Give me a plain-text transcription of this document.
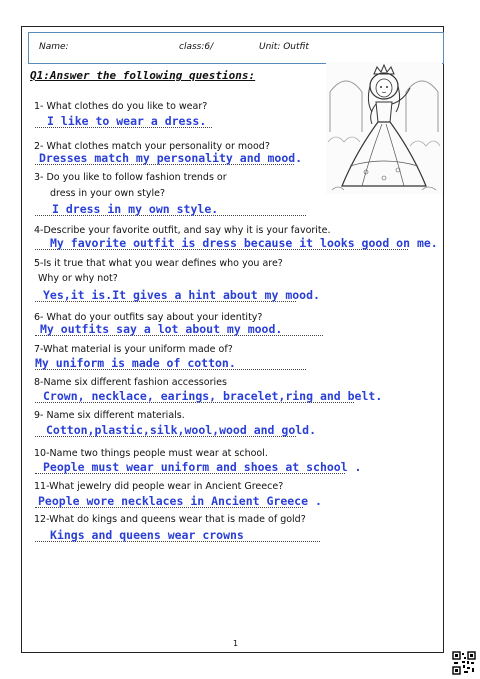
Name:	class:6/	Unit: Outfit
Q1:Answer the following questions:
1- What clothes do you like to wear?
I like to wear a dress.
2- What clothes match your personality or mood?
Dresses match my personality and mood.
3- Do you like to follow fashion trends or
dress in your own style?
I dress in my own style.
4-Describe your favorite outfit, and say why it is your favorite.
My favorite outfit is dress because it looks good on me.
5-Is it true that what you wear defines who you are?
Why or why not?
Yes,it is.It gives a hint about my mood.
6- What do your outfits say about your identity?
My outfits say a lot about my mood.
7-What material is your uniform made of?
My uniform is made of cotton.
8-Name six different fashion accessories
Crown, necklace, earings, bracelet,ring and belt.
9- Name six different materials.
Cotton,plastic,silk,wool,wood and gold.
10-Name two things people must wear at school.
People must wear uniform and shoes at school .
11-What jewelry did people wear in Ancient Greece?
People wore necklaces in Ancient Greece .
12-What do kings and queens wear that is made of gold?
Kings and queens wear crowns
1
